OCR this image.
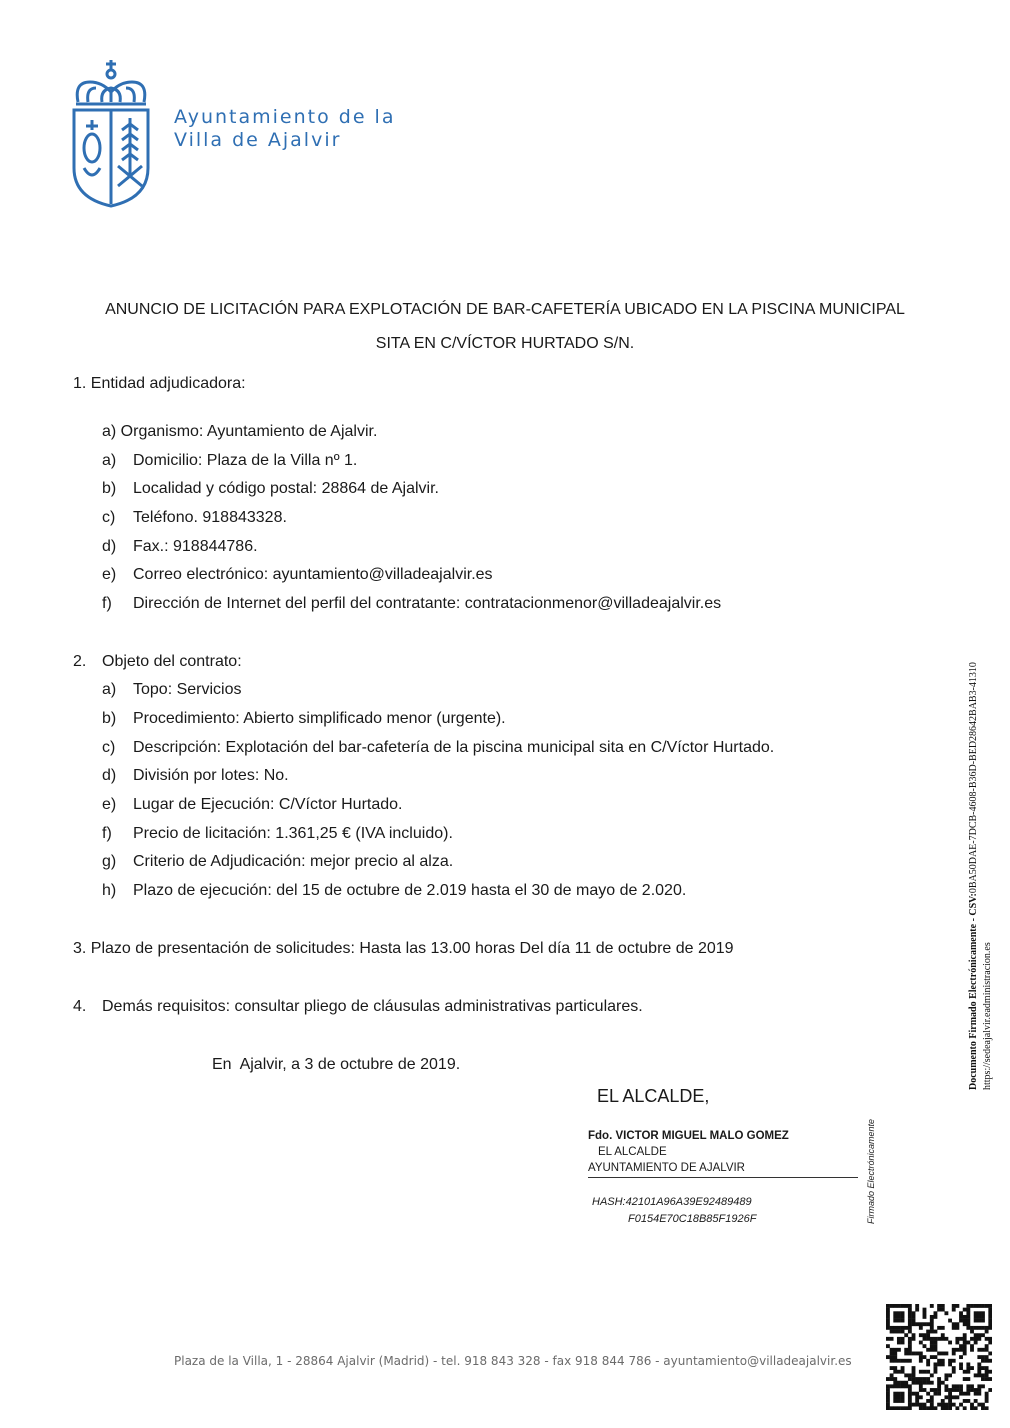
Ayuntamiento de la
Villa de Ajalvir
ANUNCIO DE LICITACIÓN PARA EXPLOTACIÓN DE BAR-CAFETERÍA UBICADO EN LA PISCINA MUNICIPAL
SITA EN C/VÍCTOR HURTADO S/N.
1. Entidad adjudicadora:
a) Organismo: Ayuntamiento de Ajalvir.
a) Domicilio: Plaza de la Villa nº 1.
b) Localidad y código postal: 28864 de Ajalvir.
c) Teléfono. 918843328.
d) Fax.: 918844786.
e) Correo electrónico: ayuntamiento@villadeajalvir.es
f) Dirección de Internet del perfil del contratante: contratacionmenor@villadeajalvir.es
2. Objeto del contrato:
a) Topo: Servicios
b) Procedimiento: Abierto simplificado menor (urgente).
c) Descripción: Explotación del bar-cafetería de la piscina municipal sita en C/Víctor Hurtado.
d) División por lotes: No.
e) Lugar de Ejecución: C/Víctor Hurtado.
f) Precio de licitación: 1.361,25 € (IVA incluido).
g) Criterio de Adjudicación: mejor precio al alza.
h) Plazo de ejecución: del 15 de octubre de 2.019 hasta el 30 de mayo de 2.020.
3. Plazo de presentación de solicitudes: Hasta las 13.00 horas Del día 11 de octubre de 2019
4. Demás requisitos: consultar pliego de cláusulas administrativas particulares.
En  Ajalvir, a 3 de octubre de 2019.
EL ALCALDE,
Fdo. VICTOR MIGUEL MALO GOMEZ
EL ALCALDE
AYUNTAMIENTO DE AJALVIR
HASH:42101A96A39E92489489
F0154E70C18B85F1926F	Firmado Electrónicamente
Documento Firmado Electrónicamente - CSV:0BA50DAE-7DCB-4608-B36D-BED28642BAB3-41310
https://sedeajalvir.eadministracion.es
Plaza de la Villa, 1 - 28864 Ajalvir (Madrid) - tel. 918 843 328 - fax 918 844 786 - ayuntamiento@villadeajalvir.es
